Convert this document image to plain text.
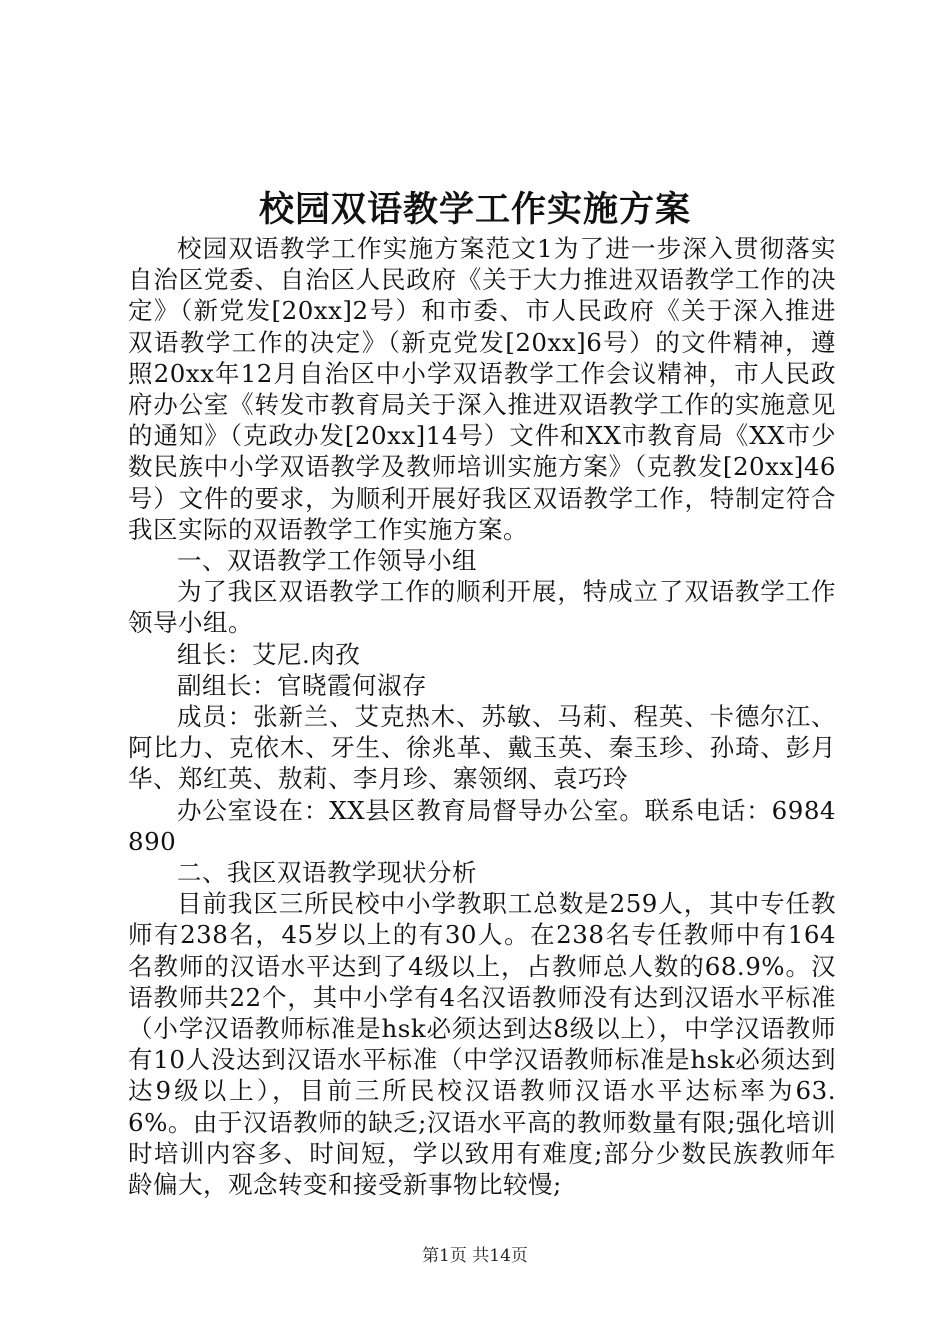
校园双语教学工作实施方案

校园双语教学工作实施方案范文1为了进一步深入贯彻落实自治区党委、自治区人民政府《关于大力推进双语教学工作的决定》（新党发[20xx]2号）和市委、市人民政府《关于深入推进双语教学工作的决定》（新克党发[20xx]6号）的文件精神，遵照20xx年12月自治区中小学双语教学工作会议精神，市人民政府办公室《转发市教育局关于深入推进双语教学工作的实施意见的通知》（克政办发[20xx]14号）文件和XX市教育局《XX市少数民族中小学双语教学及教师培训实施方案》（克教发[20xx]46号）文件的要求，为顺利开展好我区双语教学工作，特制定符合我区实际的双语教学工作实施方案。

一、双语教学工作领导小组

为了我区双语教学工作的顺利开展，特成立了双语教学工作领导小组。

组长：艾尼.肉孜

副组长：官晓霞何淑存

成员：张新兰、艾克热木、苏敏、马莉、程英、卡德尔江、阿比力、克依木、牙生、徐兆革、戴玉英、秦玉珍、孙琦、彭月华、郑红英、敖莉、李月珍、寨领纲、袁巧玲

办公室设在：XX县区教育局督导办公室。联系电话：6984890

二、我区双语教学现状分析

目前我区三所民校中小学教职工总数是259人，其中专任教师有238名，45岁以上的有30人。在238名专任教师中有164名教师的汉语水平达到了4级以上，占教师总人数的68.9%。汉语教师共22个，其中小学有4名汉语教师没有达到汉语水平标准（小学汉语教师标准是hsk必须达到达8级以上），中学汉语教师有10人没达到汉语水平标准（中学汉语教师标准是hsk必须达到达9级以上），目前三所民校汉语教师汉语水平达标率为63.6%。由于汉语教师的缺乏;汉语水平高的教师数量有限;强化培训时培训内容多、时间短，学以致用有难度;部分少数民族教师年龄偏大，观念转变和接受新事物比较慢;

第1页 共14页
